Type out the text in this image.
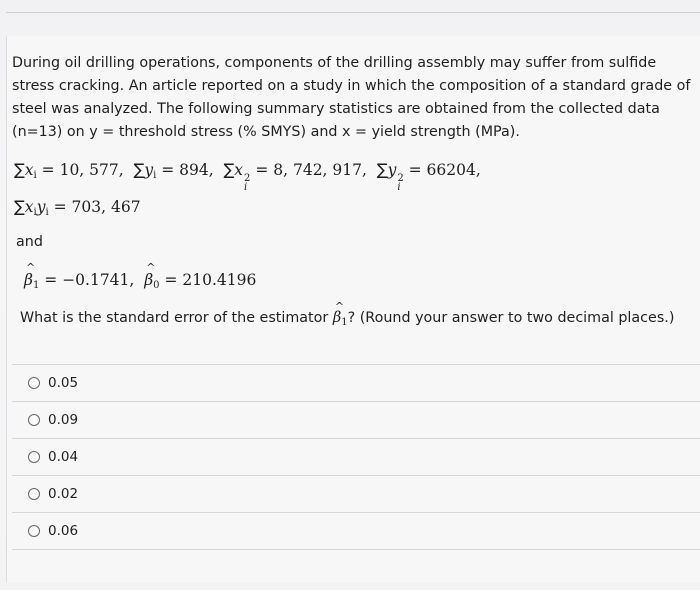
During oil drilling operations, components of the drilling assembly may suffer from sulfide stress cracking. An article reported on a study in which the composition of a standard grade of steel was analyzed. The following summary statistics are obtained from the collected data (n=13) on y = threshold stress (% SMYS) and x = yield strength (MPa).
$\sum x_i = 10$, 577, $\sum y_i = 894$, ∑x 2
i
= 8, 742, 917, ∑y 2
i
= 66204,
$\sum x_iy_i = 703$, 467
and
^ $\beta_1 = -0.1741$, ^ $\beta_0 = 210.4196$
What is the standard error of the estimator ^ $\beta_1$? (Round your answer to two decimal places.)
0.05
0.09
0.04
0.02
0.06
